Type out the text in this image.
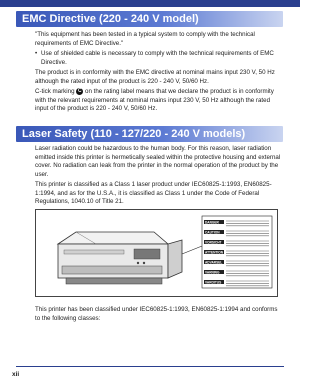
EMC Directive (220 - 240 V model)

"This equipment has been tested in a typical system to comply with the technical requirements of EMC Directive."

• Use of shielded cable is necessary to comply with the technical requirements of EMC Directive.

The product is in conformity with the EMC directive at nominal mains input 230 V, 50 Hz although the rated input of the product is 220 - 240 V, 50/60 Hz.

C-tick marking C on the rating label means that we declare the product is in conformity with the relevant requirements at nominal mains input 230 V, 50 Hz although the rated input of the product is 220 - 240 V, 50/60 Hz.

Laser Safety (110 - 127/220 - 240 V models)

Laser radiation could be hazardous to the human body. For this reason, laser radiation emitted inside this printer is hermetically sealed within the protective housing and external cover. No radiation can leak from the printer in the normal operation of the product by the user.

This printer is classified as a Class 1 laser product under IEC60825-1:1993, EN60825-1:1994, and as for the U.S.A., it is classified as Class 1 under the Code of Federal Regulations, 1040.10 of Title 21.

DANGER
CAUTION
VORSICHT
ATTENTION
ADVARSEL
VARNING
VAROITUS

This printer has been classified under IEC60825-1:1993, EN60825-1:1994 and conforms to the following classes:

xii
